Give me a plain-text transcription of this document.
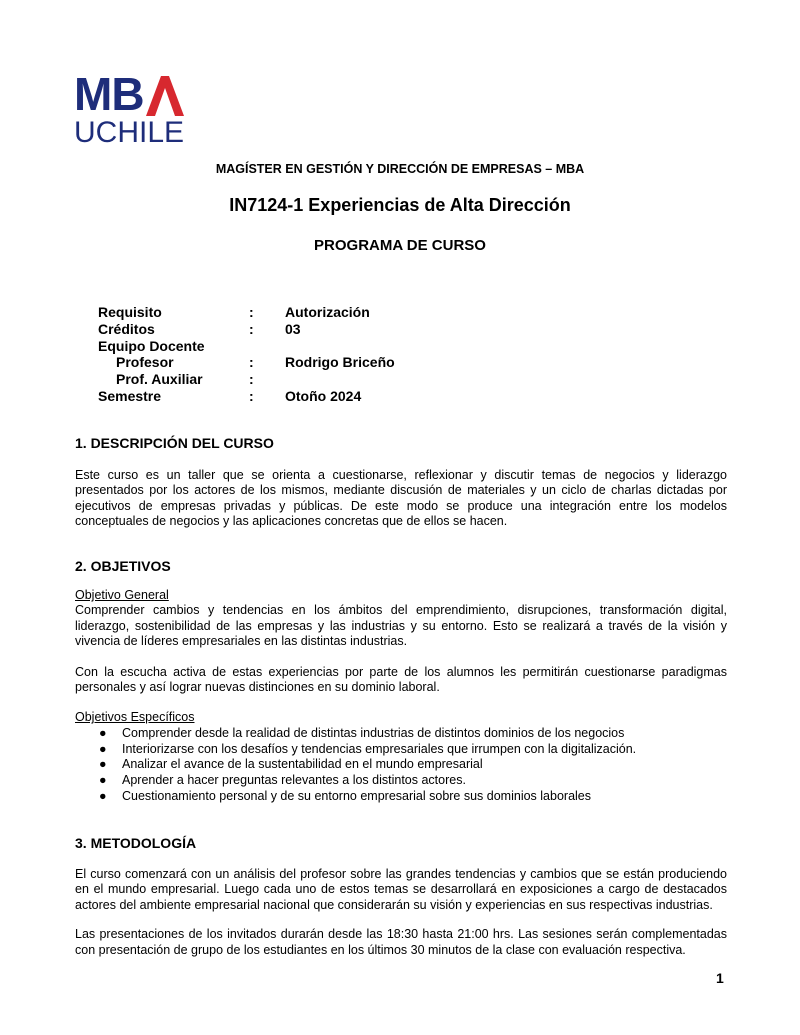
MB
UCHILE
MAGÍSTER EN GESTIÓN Y DIRECCIÓN DE EMPRESAS – MBA
IN7124-1 Experiencias de Alta Dirección
PROGRAMA DE CURSO
Requisito	: Autorización
Créditos	: 03
Equipo Docente
Profesor	: Rodrigo Briceño
Prof. Auxiliar	:
Semestre	: Otoño 2024
1. DESCRIPCIÓN DEL CURSO
Este curso es un taller que se orienta a cuestionarse, reflexionar y discutir temas de negocios y liderazgo presentados por los actores de los mismos, mediante discusión de materiales y un ciclo de charlas dictadas por ejecutivos de empresas privadas y públicas. De este modo se produce una integración entre los modelos conceptuales de negocios y las aplicaciones concretas que de ellos se hacen.
2. OBJETIVOS
Objetivo General
Comprender cambios y tendencias en los ámbitos del emprendimiento, disrupciones, transformación digital, liderazgo, sostenibilidad de las empresas y las industrias y su entorno. Esto se realizará a través de la visión y vivencia de líderes empresariales en las distintas industrias.
Con la escucha activa de estas experiencias por parte de los alumnos les permitirán cuestionarse paradigmas personales y así lograr nuevas distinciones en su dominio laboral.
Objetivos Específicos
● Comprender desde la realidad de distintas industrias de distintos dominios de los negocios
● Interiorizarse con los desafíos y tendencias empresariales que irrumpen con la digitalización.
● Analizar el avance de la sustentabilidad en el mundo empresarial
● Aprender a hacer preguntas relevantes a los distintos actores.
● Cuestionamiento personal y de su entorno empresarial sobre sus dominios laborales
3. METODOLOGÍA
El curso comenzará con un análisis del profesor sobre las grandes tendencias y cambios que se están produciendo en el mundo empresarial. Luego cada uno de estos temas se desarrollará en exposiciones a cargo de destacados actores del ambiente empresarial nacional que considerarán su visión y experiencias en sus respectivas industrias.
Las presentaciones de los invitados durarán desde las 18:30 hasta 21:00 hrs. Las sesiones serán complementadas con presentación de grupo de los estudiantes en los últimos 30 minutos de la clase con evaluación respectiva.
1
